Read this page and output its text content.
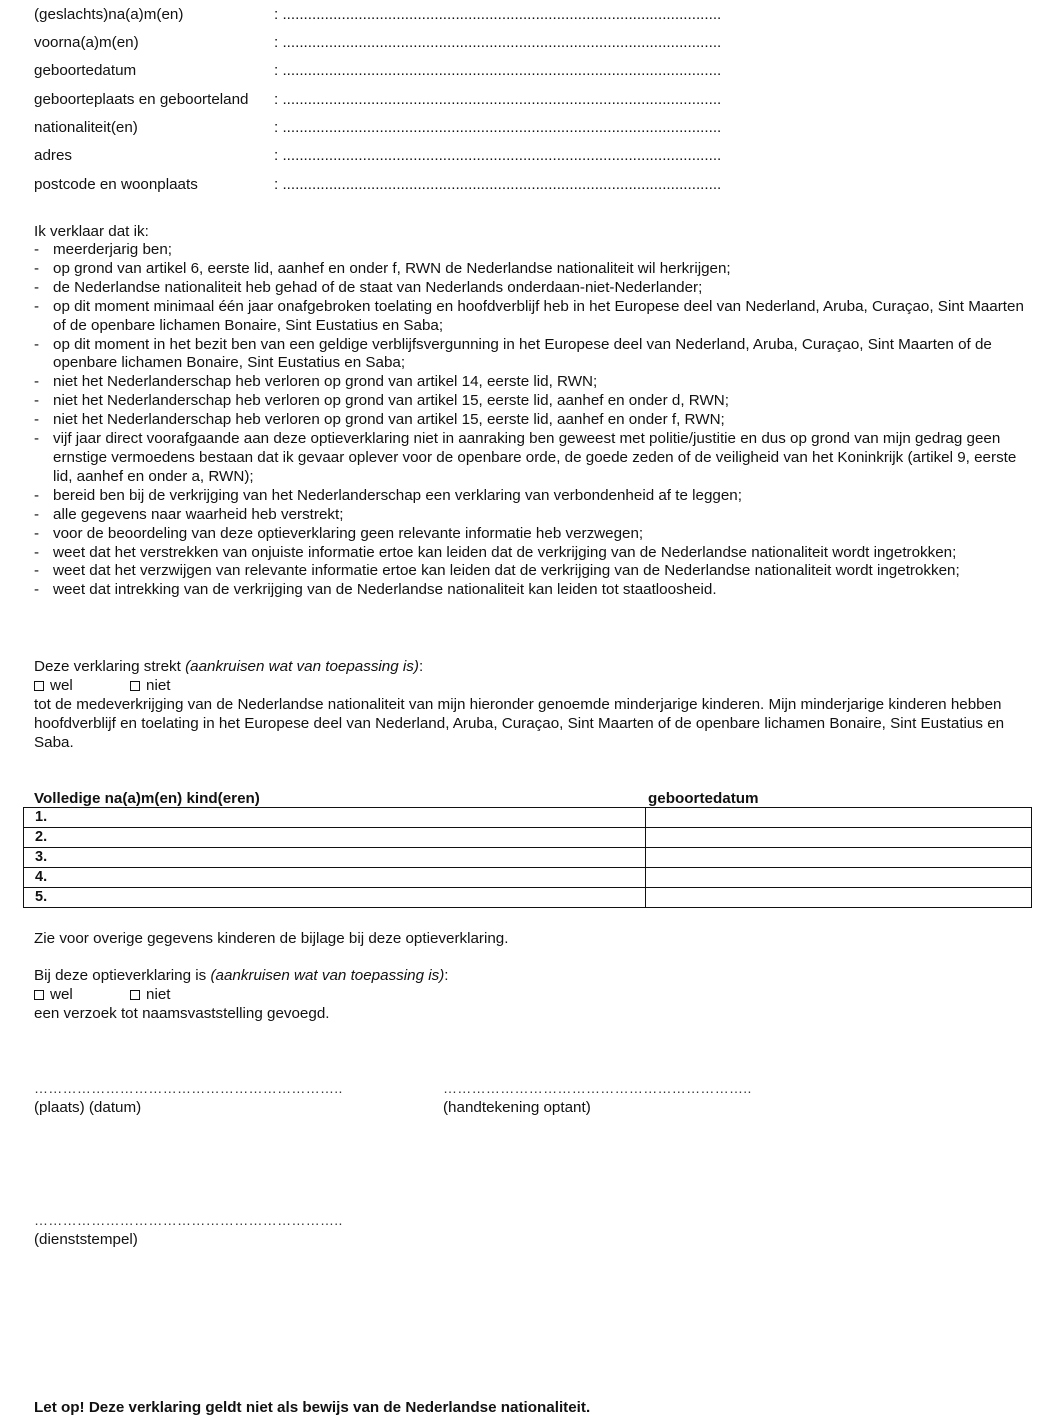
(geslachts)na(a)m(en)	: ........................................................................................................
voorna(a)m(en)	: ........................................................................................................
geboortedatum	: ........................................................................................................
geboorteplaats en geboorteland : ........................................................................................................
nationaliteit(en)	: ........................................................................................................
adres	: ........................................................................................................
postcode en woonplaats	: ........................................................................................................
Ik verklaar dat ik:
- meerderjarig ben;
- op grond van artikel 6, eerste lid, aanhef en onder f, RWN de Nederlandse nationaliteit wil herkrijgen;
- de Nederlandse nationaliteit heb gehad of de staat van Nederlands onderdaan-niet-Nederlander;
- op dit moment minimaal één jaar onafgebroken toelating en hoofdverblijf heb in het Europese deel van Nederland, Aruba, Curaçao, Sint Maarten of de openbare lichamen Bonaire, Sint Eustatius en Saba;
- op dit moment in het bezit ben van een geldige verblijfsvergunning in het Europese deel van Nederland, Aruba, Curaçao, Sint Maarten of de openbare lichamen Bonaire, Sint Eustatius en Saba;
- niet het Nederlanderschap heb verloren op grond van artikel 14, eerste lid, RWN;
- niet het Nederlanderschap heb verloren op grond van artikel 15, eerste lid, aanhef en onder d, RWN;
- niet het Nederlanderschap heb verloren op grond van artikel 15, eerste lid, aanhef en onder f, RWN;
- vijf jaar direct voorafgaande aan deze optieverklaring niet in aanraking ben geweest met politie/justitie en dus op grond van mijn gedrag geen ernstige vermoedens bestaan dat ik gevaar oplever voor de openbare orde, de goede zeden of de veiligheid van het Koninkrijk (artikel 9, eerste lid, aanhef en onder a, RWN);
- bereid ben bij de verkrijging van het Nederlanderschap een verklaring van verbondenheid af te leggen;
- alle gegevens naar waarheid heb verstrekt;
- voor de beoordeling van deze optieverklaring geen relevante informatie heb verzwegen;
- weet dat het verstrekken van onjuiste informatie ertoe kan leiden dat de verkrijging van de Nederlandse nationaliteit wordt ingetrokken;
- weet dat het verzwijgen van relevante informatie ertoe kan leiden dat de verkrijging van de Nederlandse nationaliteit wordt ingetrokken;
- weet dat intrekking van de verkrijging van de Nederlandse nationaliteit kan leiden tot staatloosheid.
Deze verklaring strekt (aankruisen wat van toepassing is):
wel	niet
tot de medeverkrijging van de Nederlandse nationaliteit van mijn hieronder genoemde minderjarige kinderen. Mijn minderjarige kinderen hebben hoofdverblijf en toelating in het Europese deel van Nederland, Aruba, Curaçao, Sint Maarten of de openbare lichamen Bonaire, Sint Eustatius en Saba.
Volledige na(a)m(en) kind(eren)	geboortedatum
1.	
2.	
3.	
4.	
5.	
Zie voor overige gegevens kinderen de bijlage bij deze optieverklaring.
Bij deze optieverklaring is (aankruisen wat van toepassing is):
wel	niet
een verzoek tot naamsvaststelling gevoegd.
………………………………………………………..
(plaats) (datum)
………………………………………………………..
(handtekening optant)
………………………………………………………..
(dienststempel)
Let op! Deze verklaring geldt niet als bewijs van de Nederlandse nationaliteit.
